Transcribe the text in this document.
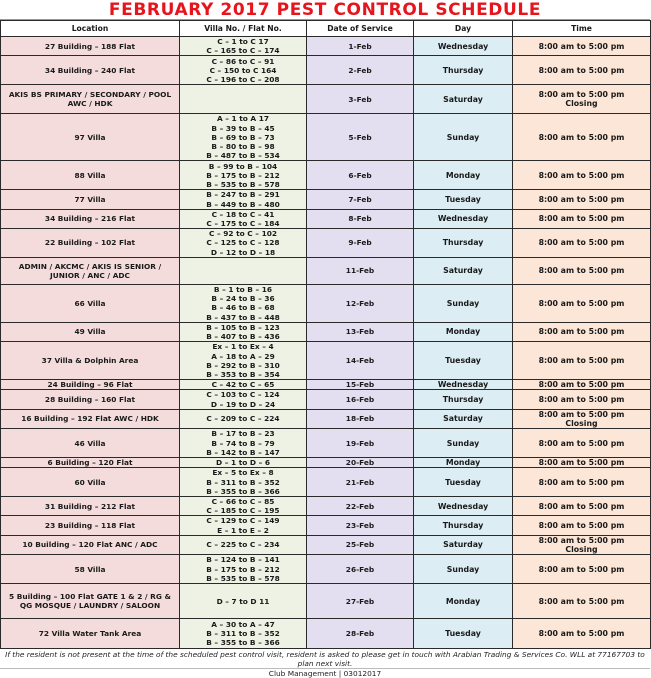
FEBRUARY 2017 PEST CONTROL SCHEDULE
Location	Villa No. / Flat No.	Date of Service	Day	Time
27 Building – 188 Flat	C – 1 to C 17
C – 165 to C – 174	1-Feb	Wednesday	8:00 am to 5:00 pm

34 Building – 240 Flat	C – 86 to C – 91
C – 150 to C 164
C – 196 to C – 208	2-Feb	Thursday	8:00 am to 5:00 pm

AKIS BS PRIMARY / SECONDARY / POOL AWC / HDK		3-Feb	Saturday	8:00 am to 5:00 pm
Closing

97 Villa	A – 1 to A 17
B – 39 to B – 45
B – 69 to B – 73
B – 80 to B – 98
B – 487 to B – 534	5-Feb	Sunday	8:00 am to 5:00 pm

88 Villa	B – 99 to B – 104
B – 175 to B – 212
B – 535 to B – 578	6-Feb	Monday	8:00 am to 5:00 pm

77 Villa	B – 247 to B – 291
B – 449 to B – 480	7-Feb	Tuesday	8:00 am to 5:00 pm

34 Building – 216 Flat	C – 18 to C – 41
C – 175 to C – 184	8-Feb	Wednesday	8:00 am to 5:00 pm

22 Building – 102 Flat	C – 92 to C – 102
C – 125 to C – 128
D – 12 to D – 18	9-Feb	Thursday	8:00 am to 5:00 pm

ADMIN / AKCMC / AKIS IS SENIOR / JUNIOR / ANC / ADC		11-Feb	Saturday	8:00 am to 5:00 pm

66 Villa	B – 1 to B – 16
B – 24 to B – 36
B – 46 to B – 68
B – 437 to B – 448	12-Feb	Sunday	8:00 am to 5:00 pm

49 Villa	B – 105 to B – 123
B – 407 to B – 436	13-Feb	Monday	8:00 am to 5:00 pm

37 Villa & Dolphin Area	Ex – 1 to Ex – 4
A – 18 to A – 29
B – 292 to B – 310
B – 353 to B – 354	14-Feb	Tuesday	8:00 am to 5:00 pm

24 Building – 96 Flat	C – 42 to C – 65	15-Feb	Wednesday	8:00 am to 5:00 pm

28 Building – 160 Flat	C – 103 to C – 124
D – 19 to D – 24	16-Feb	Thursday	8:00 am to 5:00 pm

16 Building – 192 Flat AWC / HDK	C – 209 to C – 224	18-Feb	Saturday	8:00 am to 5:00 pm
Closing

46 Villa	B – 17 to B – 23
B – 74 to B – 79
B – 142 to B – 147	19-Feb	Sunday	8:00 am to 5:00 pm

6 Building – 120 Flat	D – 1 to D – 6	20-Feb	Monday	8:00 am to 5:00 pm

60 Villa	Ex – 5 to Ex – 8
B – 311 to B – 352
B – 355 to B – 366	21-Feb	Tuesday	8:00 am to 5:00 pm

31 Building – 212 Flat	C – 66 to C – 85
C – 185 to C – 195	22-Feb	Wednesday	8:00 am to 5:00 pm

23 Building – 118 Flat	C – 129 to C – 149
E – 1 to E – 2	23-Feb	Thursday	8:00 am to 5:00 pm

10 Building – 120 Flat ANC / ADC	C – 225 to C – 234	25-Feb	Saturday	8:00 am to 5:00 pm
Closing

58 Villa	B – 124 to B – 141
B – 175 to B – 212
B – 535 to B – 578	26-Feb	Sunday	8:00 am to 5:00 pm

5 Building – 100 Flat GATE 1 & 2 / RG & QG MOSQUE / LAUNDRY / SALOON	D – 7 to D 11	27-Feb	Monday	8:00 am to 5:00 pm

72 Villa Water Tank Area	A – 30 to A – 47
B – 311 to B – 352
B – 355 to B – 366	28-Feb	Tuesday	8:00 am to 5:00 pm
If the resident is not present at the time of the scheduled pest control visit, resident is asked to please get in touch with Arabian Trading & Services Co. WLL at 77167703 to plan next visit.
Club Management | 03012017
